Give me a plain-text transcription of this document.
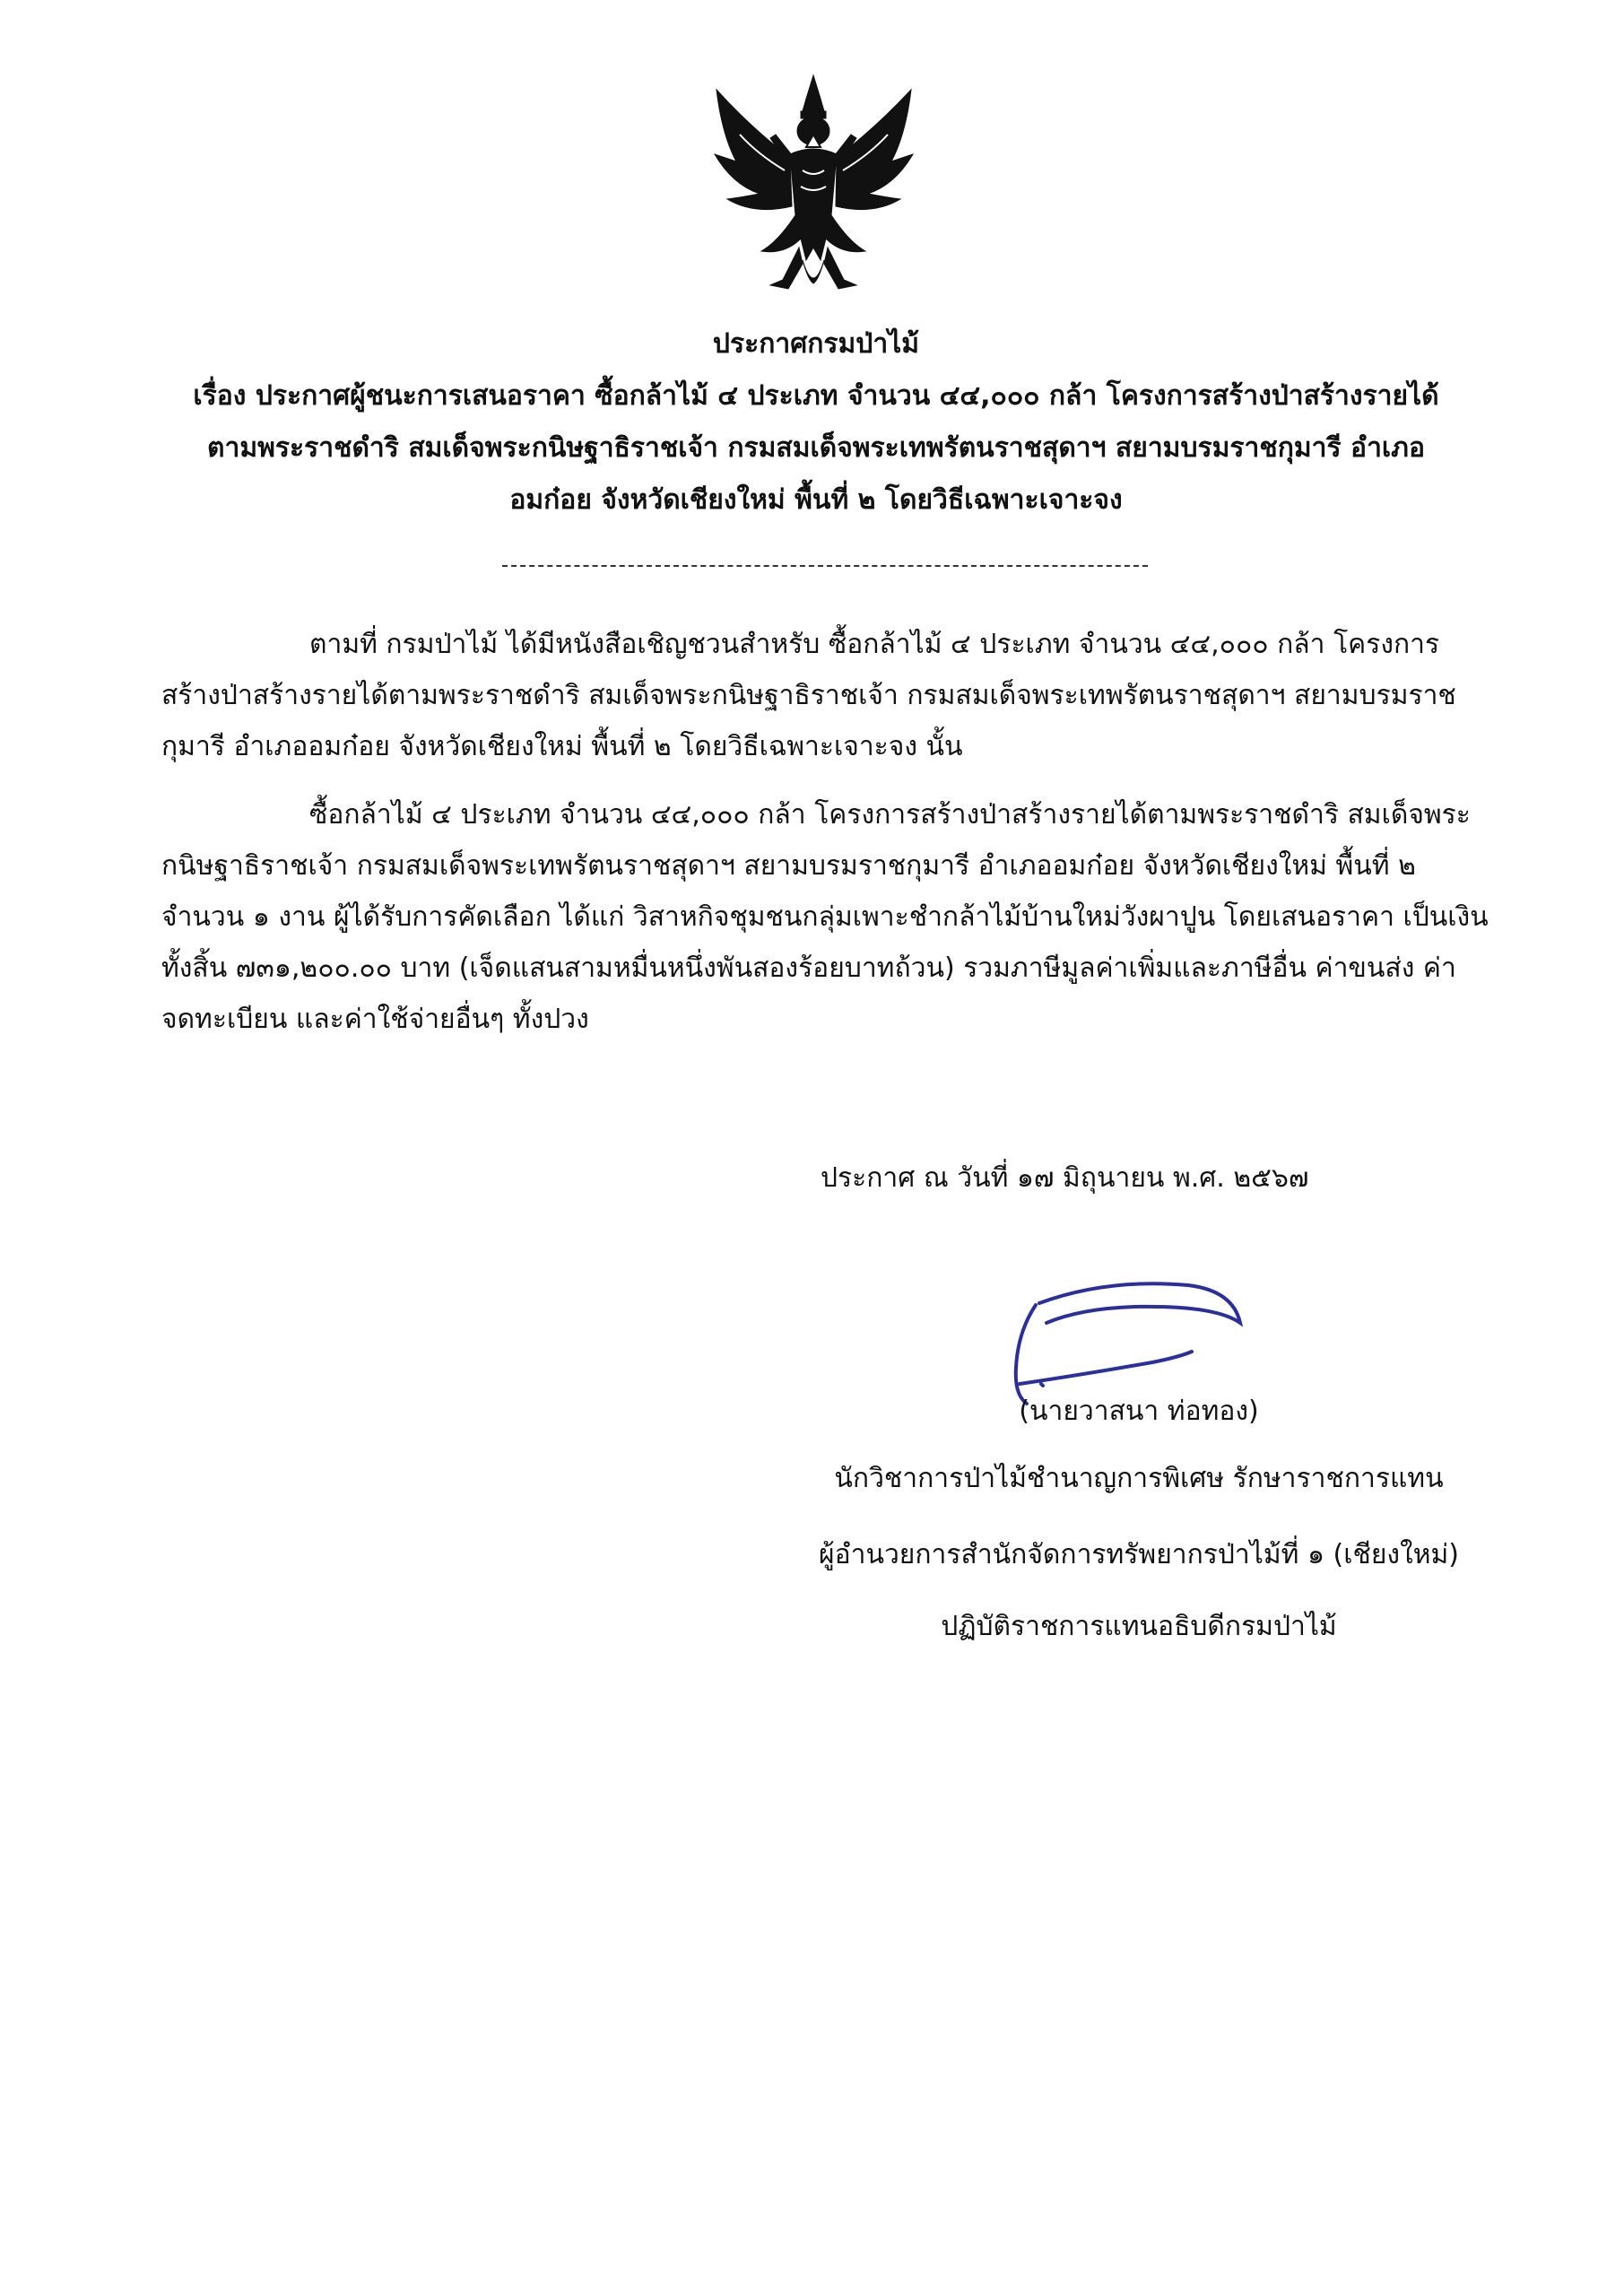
ประกาศกรมป่าไม้
เรื่อง ประกาศผู้ชนะการเสนอราคา ซื้อกล้าไม้ ๔ ประเภท จำนวน ๔๔,๐๐๐ กล้า โครงการสร้างป่าสร้างรายได้
ตามพระราชดำริ สมเด็จพระกนิษฐาธิราชเจ้า กรมสมเด็จพระเทพรัตนราชสุดาฯ สยามบรมราชกุมารี อำเภอ
อมก๋อย จังหวัดเชียงใหม่ พื้นที่ ๒ โดยวิธีเฉพาะเจาะจง
ตามที่ กรมป่าไม้ ได้มีหนังสือเชิญชวนสำหรับ ซื้อกล้าไม้ ๔ ประเภท จำนวน ๔๔,๐๐๐ กล้า โครงการ
สร้างป่าสร้างรายได้ตามพระราชดำริ สมเด็จพระกนิษฐาธิราชเจ้า กรมสมเด็จพระเทพรัตนราชสุดาฯ สยามบรมราช
กุมารี อำเภออมก๋อย จังหวัดเชียงใหม่ พื้นที่ ๒ โดยวิธีเฉพาะเจาะจง นั้น
ซื้อกล้าไม้ ๔ ประเภท จำนวน ๔๔,๐๐๐ กล้า โครงการสร้างป่าสร้างรายได้ตามพระราชดำริ สมเด็จพระ
กนิษฐาธิราชเจ้า กรมสมเด็จพระเทพรัตนราชสุดาฯ สยามบรมราชกุมารี อำเภออมก๋อย จังหวัดเชียงใหม่ พื้นที่ ๒
จำนวน ๑ งาน ผู้ได้รับการคัดเลือก ได้แก่ วิสาหกิจชุมชนกลุ่มเพาะชำกล้าไม้บ้านใหม่วังผาปูน โดยเสนอราคา เป็นเงิน
ทั้งสิ้น ๗๓๑,๒๐๐.๐๐ บาท (เจ็ดแสนสามหมื่นหนึ่งพันสองร้อยบาทถ้วน) รวมภาษีมูลค่าเพิ่มและภาษีอื่น ค่าขนส่ง ค่า
จดทะเบียน และค่าใช้จ่ายอื่นๆ ทั้งปวง
ประกาศ ณ วันที่ ๑๗ มิถุนายน พ.ศ. ๒๕๖๗
(นายวาสนา ท่อทอง)
นักวิชาการป่าไม้ชำนาญการพิเศษ รักษาราชการแทน
ผู้อำนวยการสำนักจัดการทรัพยากรป่าไม้ที่ ๑ (เชียงใหม่)
ปฏิบัติราชการแทนอธิบดีกรมป่าไม้
